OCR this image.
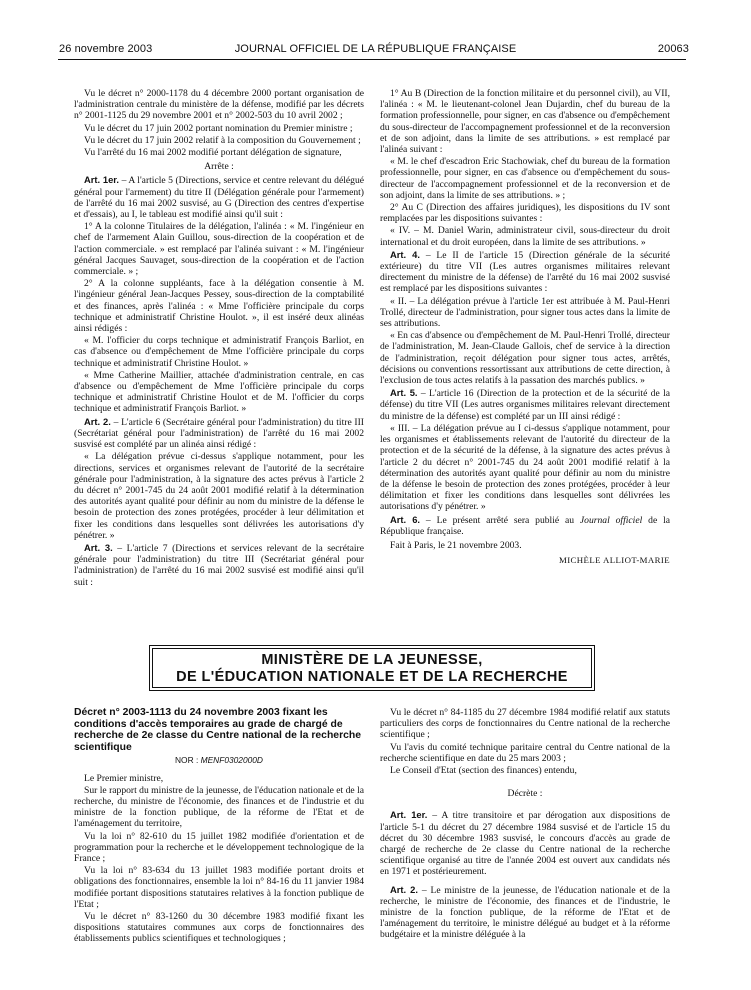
26 novembre 2003	JOURNAL OFFICIEL DE LA RÉPUBLIQUE FRANÇAISE	20063

Vu le décret n° 2000-1178 du 4 décembre 2000 portant organisation de l'administration centrale du ministère de la défense, modifié par les décrets n° 2001-1125 du 29 novembre 2001 et n° 2002-503 du 10 avril 2002 ;

Vu le décret du 17 juin 2002 portant nomination du Premier ministre ;

Vu le décret du 17 juin 2002 relatif à la composition du Gouvernement ;

Vu l'arrêté du 16 mai 2002 modifié portant délégation de signature,

Arrête :

Art. 1er. – A l'article 5 (Directions, service et centre relevant du délégué général pour l'armement) du titre II (Délégation générale pour l'armement) de l'arrêté du 16 mai 2002 susvisé, au G (Direction des centres d'expertise et d'essais), au I, le tableau est modifié ainsi qu'il suit :

1° A la colonne Titulaires de la délégation, l'alinéa : « M. l'ingénieur en chef de l'armement Alain Guillou, sous-direction de la coopération et de l'action commerciale. » est remplacé par l'alinéa suivant : « M. l'ingénieur général Jacques Sauvaget, sous-direction de la coopération et de l'action commerciale. » ;

2° A la colonne suppléants, face à la délégation consentie à M. l'ingénieur général Jean-Jacques Pessey, sous-direction de la comptabilité et des finances, après l'alinéa : « Mme l'officière principale du corps technique et administratif Christine Houlot. », il est inséré deux alinéas ainsi rédigés :

« M. l'officier du corps technique et administratif François Barliot, en cas d'absence ou d'empêchement de Mme l'officière principale du corps technique et administratif Christine Houlot. »

« Mme Catherine Maillier, attachée d'administration centrale, en cas d'absence ou d'empêchement de Mme l'officière principale du corps technique et administratif Christine Houlot et de M. l'officier du corps technique et administratif François Barliot. »

Art. 2. – L'article 6 (Secrétaire général pour l'administration) du titre III (Secrétariat général pour l'administration) de l'arrêté du 16 mai 2002 susvisé est complété par un alinéa ainsi rédigé :

« La délégation prévue ci-dessus s'applique notamment, pour les directions, services et organismes relevant de l'autorité de la secrétaire générale pour l'administration, à la signature des actes prévus à l'article 2 du décret n° 2001-745 du 24 août 2001 modifié relatif à la détermination des autorités ayant qualité pour définir au nom du ministre de la défense le besoin de protection des zones protégées, procéder à leur délimitation et fixer les conditions dans lesquelles sont délivrées les autorisations d'y pénétrer. »

Art. 3. – L'article 7 (Directions et services relevant de la secrétaire générale pour l'administration) du titre III (Secrétariat général pour l'administration) de l'arrêté du 16 mai 2002 susvisé est modifié ainsi qu'il suit :

1° Au B (Direction de la fonction militaire et du personnel civil), au VII, l'alinéa : « M. le lieutenant-colonel Jean Dujardin, chef du bureau de la formation professionnelle, pour signer, en cas d'absence ou d'empêchement du sous-directeur de l'accompagnement professionnel et de la reconversion et de son adjoint, dans la limite de ses attributions. » est remplacé par l'alinéa suivant :

« M. le chef d'escadron Eric Stachowiak, chef du bureau de la formation professionnelle, pour signer, en cas d'absence ou d'empêchement du sous-directeur de l'accompagnement professionnel et de la reconversion et de son adjoint, dans la limite de ses attributions. » ;

2° Au C (Direction des affaires juridiques), les dispositions du IV sont remplacées par les dispositions suivantes :

« IV. – M. Daniel Warin, administrateur civil, sous-directeur du droit international et du droit européen, dans la limite de ses attributions. »

Art. 4. – Le II de l'article 15 (Direction générale de la sécurité extérieure) du titre VII (Les autres organismes militaires relevant directement du ministre de la défense) de l'arrêté du 16 mai 2002 susvisé est remplacé par les dispositions suivantes :

« II. – La délégation prévue à l'article 1er est attribuée à M. Paul-Henri Trollé, directeur de l'administration, pour signer tous actes dans la limite de ses attributions.

« En cas d'absence ou d'empêchement de M. Paul-Henri Trollé, directeur de l'administration, M. Jean-Claude Gallois, chef de service à la direction de l'administration, reçoit délégation pour signer tous actes, arrêtés, décisions ou conventions ressortissant aux attributions de cette direction, à l'exclusion de tous actes relatifs à la passation des marchés publics. »

Art. 5. – L'article 16 (Direction de la protection et de la sécurité de la défense) du titre VII (Les autres organismes militaires relevant directement du ministre de la défense) est complété par un III ainsi rédigé :

« III. – La délégation prévue au I ci-dessus s'applique notamment, pour les organismes et établissements relevant de l'autorité du directeur de la protection et de la sécurité de la défense, à la signature des actes prévus à l'article 2 du décret n° 2001-745 du 24 août 2001 modifié relatif à la détermination des autorités ayant qualité pour définir au nom du ministre de la défense le besoin de protection des zones protégées, procéder à leur délimitation et fixer les conditions dans lesquelles sont délivrées les autorisations d'y pénétrer. »

Art. 6. – Le présent arrêté sera publié au Journal officiel de la République française.

Fait à Paris, le 21 novembre 2003.

MICHÈLE ALLIOT-MARIE

MINISTÈRE DE LA JEUNESSE,
DE L'ÉDUCATION NATIONALE ET DE LA RECHERCHE
Décret n° 2003-1113 du 24 novembre 2003 fixant les conditions d'accès temporaires au grade de chargé de recherche de 2e classe du Centre national de la recherche scientifique
NOR : MENF0302000D

Le Premier ministre,

Sur le rapport du ministre de la jeunesse, de l'éducation nationale et de la recherche, du ministre de l'économie, des finances et de l'industrie et du ministre de la fonction publique, de la réforme de l'Etat et de l'aménagement du territoire,

Vu la loi n° 82-610 du 15 juillet 1982 modifiée d'orientation et de programmation pour la recherche et le développement technologique de la France ;

Vu la loi n° 83-634 du 13 juillet 1983 modifiée portant droits et obligations des fonctionnaires, ensemble la loi n° 84-16 du 11 janvier 1984 modifiée portant dispositions statutaires relatives à la fonction publique de l'Etat ;

Vu le décret n° 83-1260 du 30 décembre 1983 modifié fixant les dispositions statutaires communes aux corps de fonctionnaires des établissements publics scientifiques et technologiques ;

Vu le décret n° 84-1185 du 27 décembre 1984 modifié relatif aux statuts particuliers des corps de fonctionnaires du Centre national de la recherche scientifique ;

Vu l'avis du comité technique paritaire central du Centre national de la recherche scientifique en date du 25 mars 2003 ;

Le Conseil d'Etat (section des finances) entendu,

Décrète :

Art. 1er. – A titre transitoire et par dérogation aux dispositions de l'article 5-1 du décret du 27 décembre 1984 susvisé et de l'article 15 du décret du 30 décembre 1983 susvisé, le concours d'accès au grade de chargé de recherche de 2e classe du Centre national de la recherche scientifique organisé au titre de l'année 2004 est ouvert aux candidats nés en 1971 et postérieurement.

Art. 2. – Le ministre de la jeunesse, de l'éducation nationale et de la recherche, le ministre de l'économie, des finances et de l'industrie, le ministre de la fonction publique, de la réforme de l'Etat et de l'aménagement du territoire, le ministre délégué au budget et à la réforme budgétaire et la ministre déléguée à la
